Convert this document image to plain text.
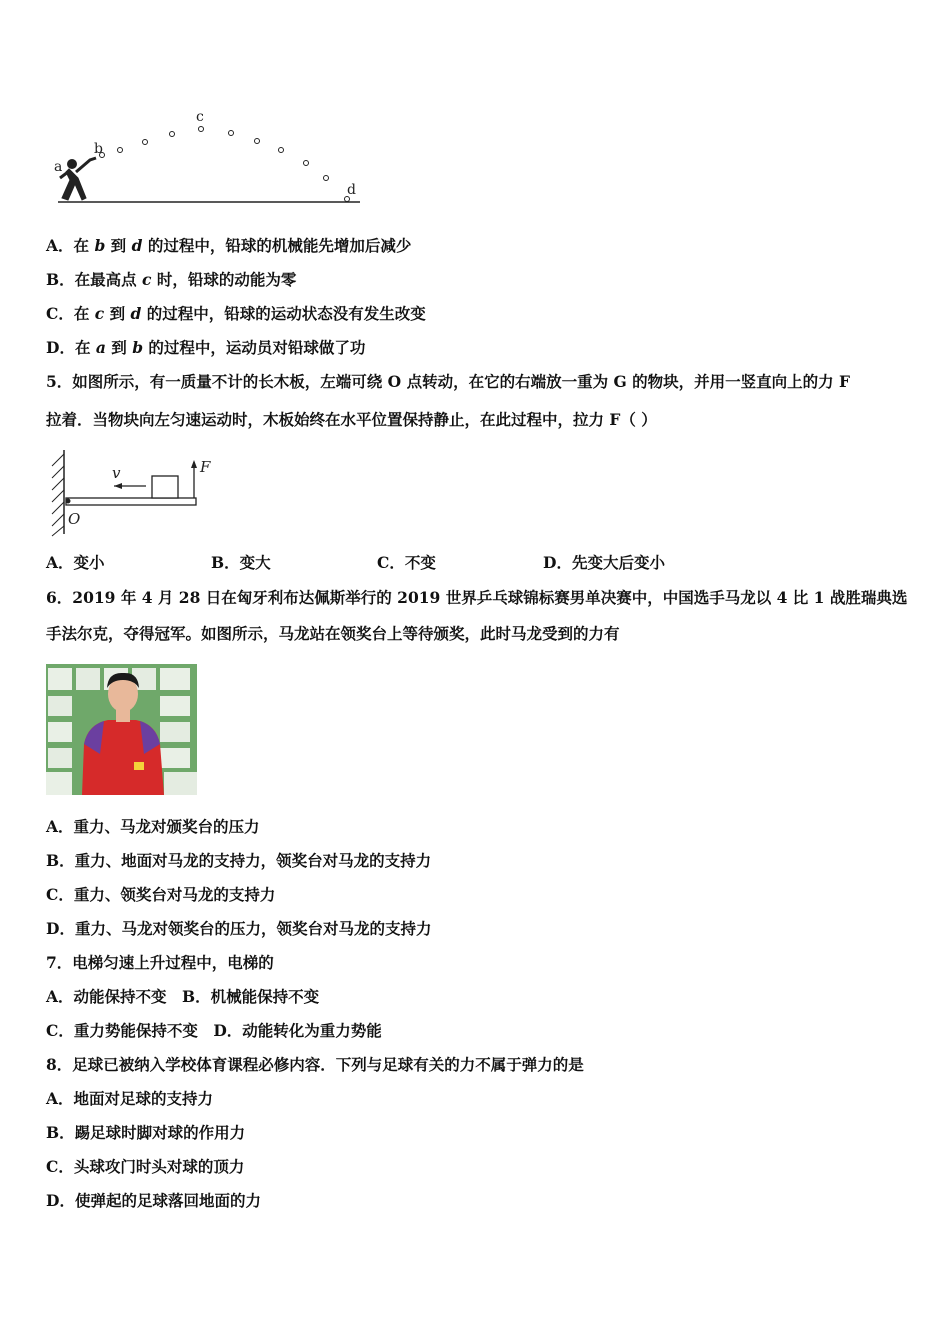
a
b
c
d
A．在 b 到 d 的过程中，铅球的机械能先增加后减少
B．在最高点 c 时，铅球的动能为零
C．在 c 到 d 的过程中，铅球的运动状态没有发生改变
D．在 a 到 b 的过程中，运动员对铅球做了功
5．如图所示，有一质量不计的长木板，左端可绕 O 点转动，在它的右端放一重为 G 的物块，并用一竖直向上的力 F
拉着．当物块向左匀速运动时，木板始终在水平位置保持静止，在此过程中，拉力 F（ ）
v	F
O
A．变小	B．变大	C．不变	D．先变大后变小
6．2019 年 4 月 28 日在匈牙利布达佩斯举行的 2019 世界乒乓球锦标赛男单决赛中，中国选手马龙以 4 比 1 战胜瑞典选
手法尔克，夺得冠军。如图所示，马龙站在领奖台上等待颁奖，此时马龙受到的力有
A．重力、马龙对颁奖台的压力
B．重力、地面对马龙的支持力，领奖台对马龙的支持力
C．重力、领奖台对马龙的支持力
D．重力、马龙对领奖台的压力，领奖台对马龙的支持力
7．电梯匀速上升过程中，电梯的
A．动能保持不变　B．机械能保持不变
C．重力势能保持不变　D．动能转化为重力势能
8．足球已被纳入学校体育课程必修内容．下列与足球有关的力不属于弹力的是
A．地面对足球的支持力
B．踢足球时脚对球的作用力
C．头球攻门时头对球的顶力
D．使弹起的足球落回地面的力
